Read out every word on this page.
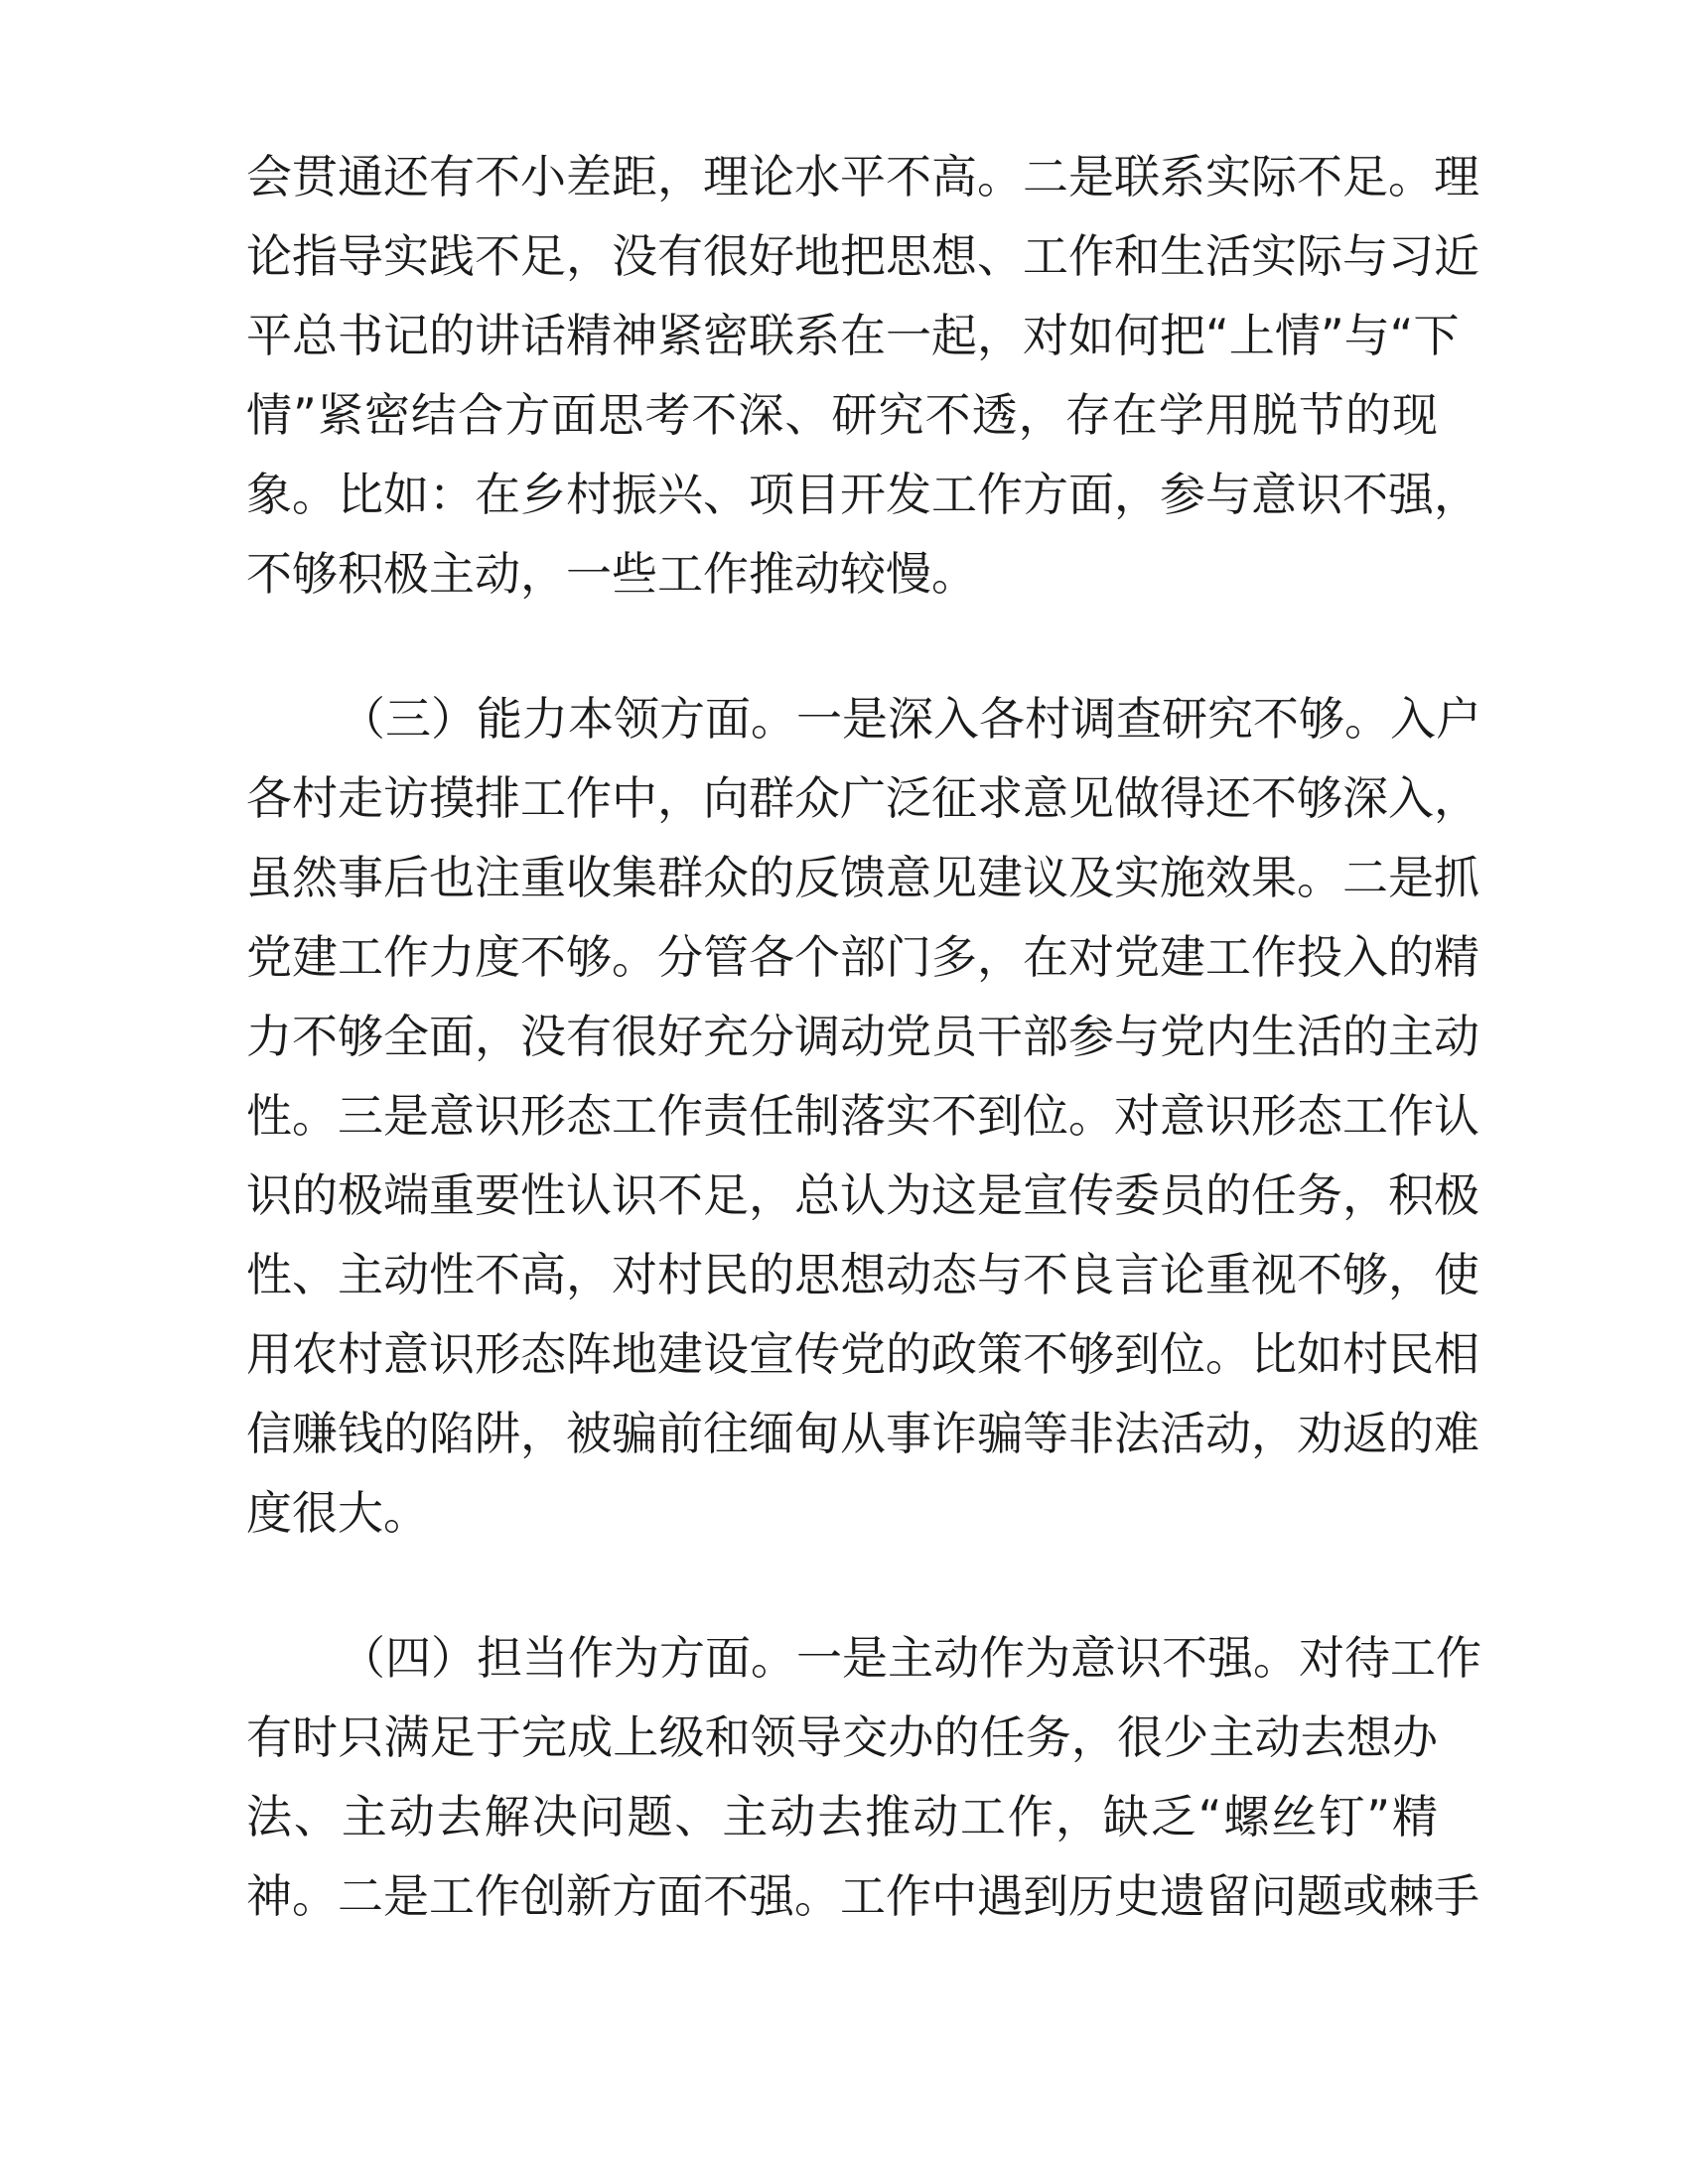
会贯通还有不小差距，理论水平不高。二是联系实际不足。理
论指导实践不足，没有很好地把思想、工作和生活实际与习近
平总书记的讲话精神紧密联系在一起，对如何把“上情”与“下
情”紧密结合方面思考不深、研究不透，存在学用脱节的现
象。比如：在乡村振兴、项目开发工作方面，参与意识不强，
不够积极主动，一些工作推动较慢。
（三）能力本领方面。一是深入各村调查研究不够。入户
各村走访摸排工作中，向群众广泛征求意见做得还不够深入，
虽然事后也注重收集群众的反馈意见建议及实施效果。二是抓
党建工作力度不够。分管各个部门多，在对党建工作投入的精
力不够全面，没有很好充分调动党员干部参与党内生活的主动
性。三是意识形态工作责任制落实不到位。对意识形态工作认
识的极端重要性认识不足，总认为这是宣传委员的任务，积极
性、主动性不高，对村民的思想动态与不良言论重视不够，使
用农村意识形态阵地建设宣传党的政策不够到位。比如村民相
信赚钱的陷阱，被骗前往缅甸从事诈骗等非法活动，劝返的难
度很大。
（四）担当作为方面。一是主动作为意识不强。对待工作
有时只满足于完成上级和领导交办的任务，很少主动去想办
法、主动去解决问题、主动去推动工作，缺乏“螺丝钉”精
神。二是工作创新方面不强。工作中遇到历史遗留问题或棘手
